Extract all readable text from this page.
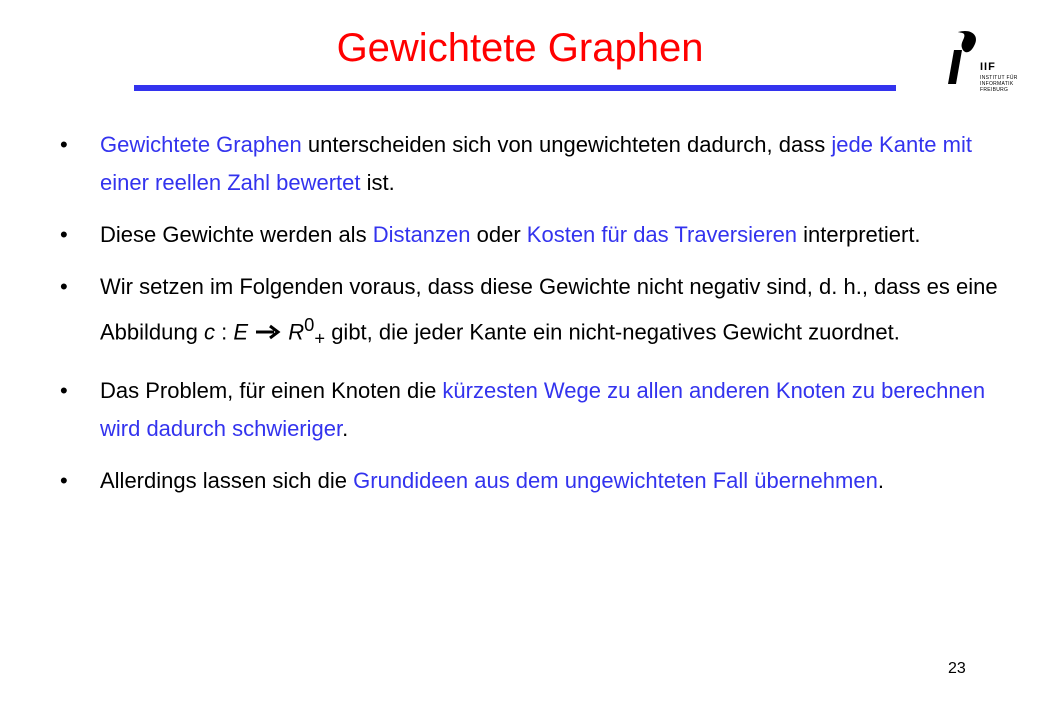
Gewichtete Graphen	IIF
INSTITUT FÜR
INFORMATIK
FREIBURG
• Gewichtete Graphen unterscheiden sich von ungewichteten dadurch, dass jede Kante mit einer reellen Zahl bewertet ist.
• Diese Gewichte werden als Distanzen oder Kosten für das Traversieren interpretiert.
• Wir setzen im Folgenden voraus, dass diese Gewichte nicht negativ sind, d. h., dass es eine Abbildung c : E $R^0_+$ gibt, die jeder Kante ein nicht-negatives Gewicht zuordnet.
• Das Problem, für einen Knoten die kürzesten Wege zu allen anderen Knoten zu berechnen wird dadurch schwieriger.
• Allerdings lassen sich die Grundideen aus dem ungewichteten Fall übernehmen.
23
